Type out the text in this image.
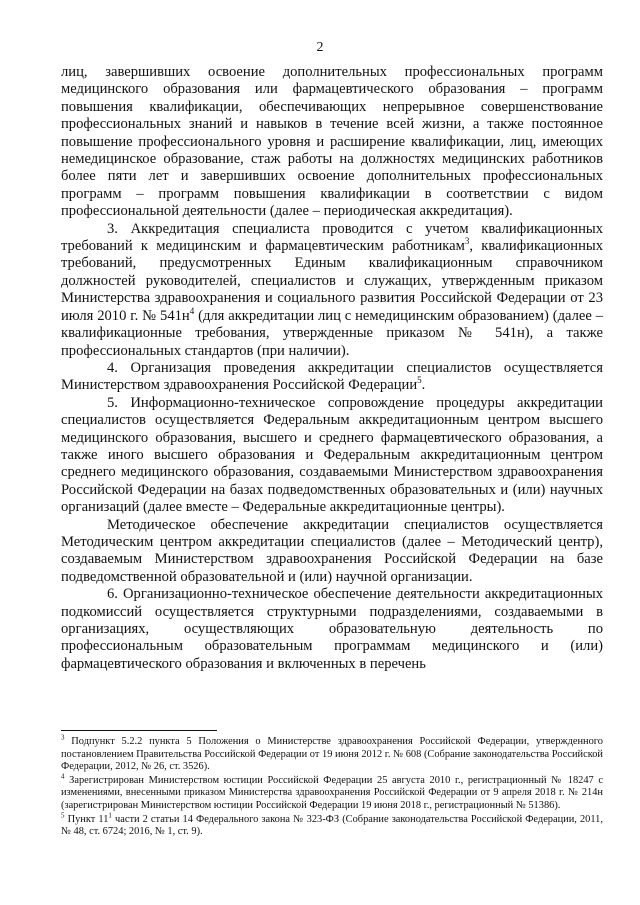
2

лиц, завершивших освоение дополнительных профессиональных программ медицинского образования или фармацевтического образования – программ повышения квалификации, обеспечивающих непрерывное совершенствование профессиональных знаний и навыков в течение всей жизни, а также постоянное повышение профессионального уровня и расширение квалификации, лиц, имеющих немедицинское образование, стаж работы на должностях медицинских работников более пяти лет и завершивших освоение дополнительных профессиональных программ – программ повышения квалификации в соответствии с видом профессиональной деятельности (далее – периодическая аккредитация).

3. Аккредитация специалиста проводится с учетом квалификационных требований к медицинским и фармацевтическим работникам$^3$, квалификационных требований, предусмотренных Единым квалификационным справочником должностей руководителей, специалистов и служащих, утвержденным приказом Министерства здравоохранения и социального развития Российской Федерации от 23 июля 2010 г. № $541н^4$ (для аккредитации лиц с немедицинским образованием) (далее – квалификационные требования, утвержденные приказом № 541н), а также профессиональных стандартов (при наличии).

4. Организация проведения аккредитации специалистов осуществляется Министерством здравоохранения Российской Федерации$^5$.

5. Информационно-техническое сопровождение процедуры аккредитации специалистов осуществляется Федеральным аккредитационным центром высшего медицинского образования, высшего и среднего фармацевтического образования, а также иного высшего образования и Федеральным аккредитационным центром среднего медицинского образования, создаваемыми Министерством здравоохранения Российской Федерации на базах подведомственных образовательных и (или) научных организаций (далее вместе – Федеральные аккредитационные центры).

Методическое обеспечение аккредитации специалистов осуществляется Методическим центром аккредитации специалистов (далее – Методический центр), создаваемым Министерством здравоохранения Российской Федерации на базе подведомственной образовательной и (или) научной организации.

6. Организационно-техническое обеспечение деятельности аккредитационных подкомиссий осуществляется структурными подразделениями, создаваемыми в организациях, осуществляющих образовательную деятельность по профессиональным образовательным программам медицинского и (или) фармацевтического образования и включенных в перечень

$^3$ Подпункт 5.2.2 пункта 5 Положения о Министерстве здравоохранения Российской Федерации, утвержденного постановлением Правительства Российской Федерации от 19 июня 2012 г. № 608 (Собрание законодательства Российской Федерации, 2012, № 26, ст. 3526).

$^4$ Зарегистрирован Министерством юстиции Российской Федерации 25 августа 2010 г., регистрационный № 18247 с изменениями, внесенными приказом Министерства здравоохранения Российской Федерации от 9 апреля 2018 г. № 214н (зарегистрирован Министерством юстиции Российской Федерации 19 июня 2018 г., регистрационный № 51386).

$^5$ Пункт $11^1$ части 2 статьи 14 Федерального закона № 323-ФЗ (Собрание законодательства Российской Федерации, 2011, № 48, ст. 6724; 2016, № 1, ст. 9).
